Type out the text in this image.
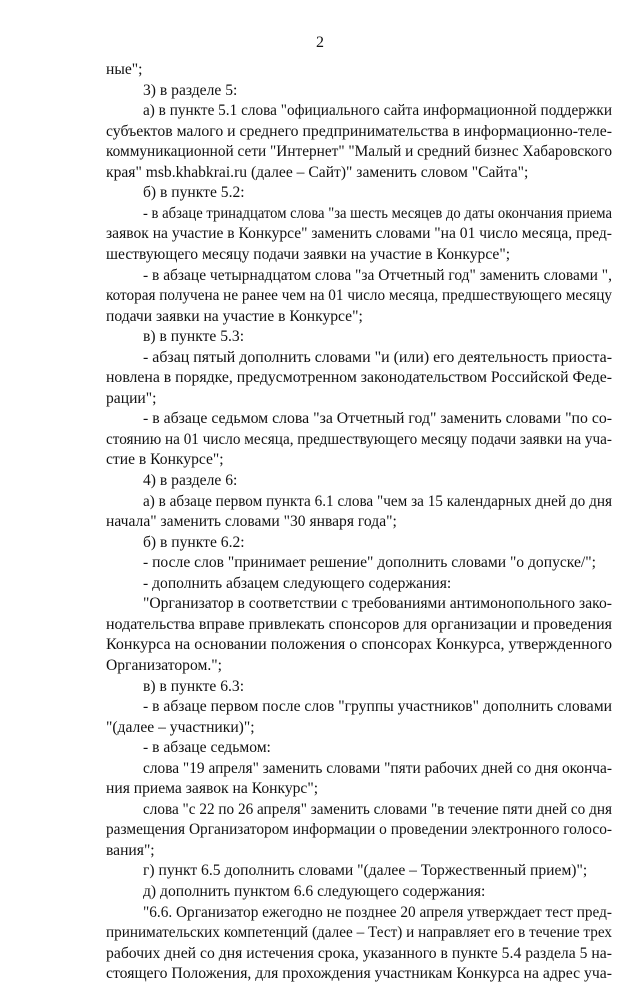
2
ные";
3) в разделе 5:
а) в пункте 5.1 слова "официального сайта информационной поддержки
субъектов малого и среднего предпринимательства в информационно-теле-
коммуникационной сети "Интернет" "Малый и средний бизнес Хабаровского
края" msb.khabkrai.ru (далее – Сайт)" заменить словом "Сайта";
б) в пункте 5.2:
- в абзаце тринадцатом слова "за шесть месяцев до даты окончания приема
заявок на участие в Конкурсе" заменить словами "на 01 число месяца, пред-
шествующего месяцу подачи заявки на участие в Конкурсе";
- в абзаце четырнадцатом слова "за Отчетный год" заменить словами ",
которая получена не ранее чем на 01 число месяца, предшествующего месяцу
подачи заявки на участие в Конкурсе";
в) в пункте 5.3:
- абзац пятый дополнить словами "и (или) его деятельность приоста-
новлена в порядке, предусмотренном законодательством Российской Феде-
рации";
- в абзаце седьмом слова "за Отчетный год" заменить словами "по со-
стоянию на 01 число месяца, предшествующего месяцу подачи заявки на уча-
стие в Конкурсе";
4) в разделе 6:
а) в абзаце первом пункта 6.1 слова "чем за 15 календарных дней до дня
начала" заменить словами "30 января года";
б) в пункте 6.2:
- после слов "принимает решение" дополнить словами "о допуске/";
- дополнить абзацем следующего содержания:
"Организатор в соответствии с требованиями антимонопольного зако-
нодательства вправе привлекать спонсоров для организации и проведения
Конкурса на основании положения о спонсорах Конкурса, утвержденного
Организатором.";
в) в пункте 6.3:
- в абзаце первом после слов "группы участников" дополнить словами
"(далее – участники)";
- в абзаце седьмом:
слова "19 апреля" заменить словами "пяти рабочих дней со дня оконча-
ния приема заявок на Конкурс";
слова "с 22 по 26 апреля" заменить словами "в течение пяти дней со дня
размещения Организатором информации о проведении электронного голосо-
вания";
г) пункт 6.5 дополнить словами "(далее – Торжественный прием)";
д) дополнить пунктом 6.6 следующего содержания:
"6.6. Организатор ежегодно не позднее 20 апреля утверждает тест пред-
принимательских компетенций (далее – Тест) и направляет его в течение трех
рабочих дней со дня истечения срока, указанного в пункте 5.4 раздела 5 на-
стоящего Положения, для прохождения участникам Конкурса на адрес уча-
